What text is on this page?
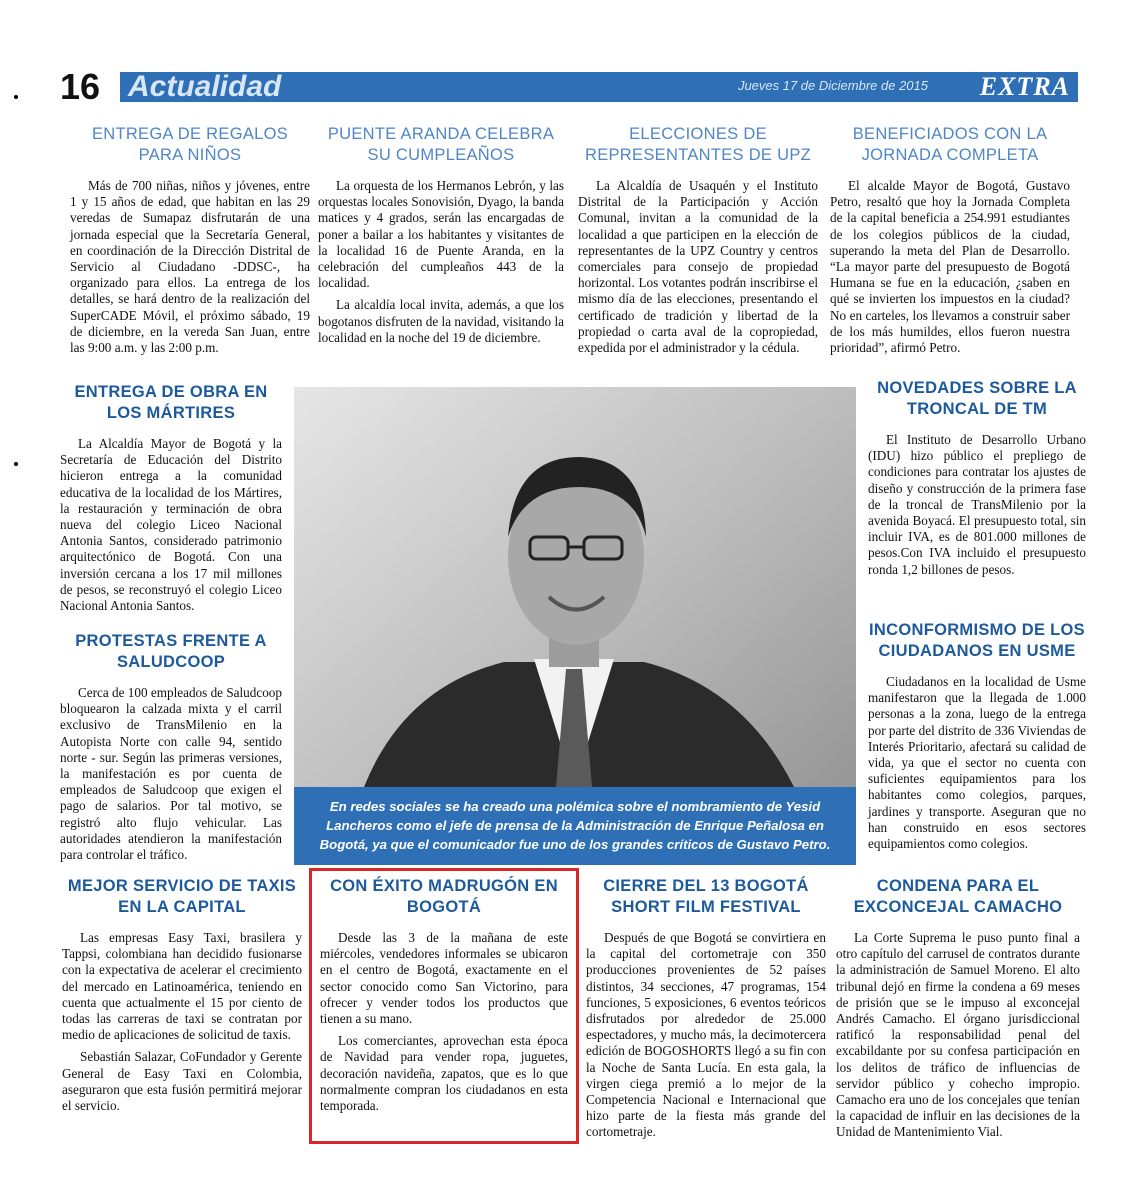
16 Actualidad	Jueves 17 de Diciembre de 2015 EXTRA
ENTREGA DE REGALOS PARA NIÑOS

Más de 700 niñas, niños y jóvenes, entre 1 y 15 años de edad, que habitan en las 29 veredas de Sumapaz disfrutarán de una jornada especial que la Secretaría General, en coordinación de la Dirección Distrital de Servicio al Ciudadano -DDSC-, ha organizado para ellos. La entrega de los detalles, se hará dentro de la realización del SuperCADE Móvil, el próximo sábado, 19 de diciembre, en la vereda San Juan, entre las 9:00 a.m. y las 2:00 p.m.

PUENTE ARANDA CELEBRA SU CUMPLEAÑOS

La orquesta de los Hermanos Lebrón, y las orquestas locales Sonovisión, Dyago, la banda matices y 4 grados, serán las encargadas de poner a bailar a los habitantes y visitantes de la localidad 16 de Puente Aranda, en la celebración del cumpleaños 443 de la localidad.

La alcaldía local invita, además, a que los bogotanos disfruten de la navidad, visitando la localidad en la noche del 19 de diciembre.

ELECCIONES DE REPRESENTANTES DE UPZ

La Alcaldía de Usaquén y el Instituto Distrital de la Participación y Acción Comunal, invitan a la comunidad de la localidad a que participen en la elección de representantes de la UPZ Country y centros comerciales para consejo de propiedad horizontal. Los votantes podrán inscribirse el mismo día de las elecciones, presentando el certificado de tradición y libertad de la propiedad o carta aval de la copropiedad, expedida por el administrador y la cédula.

BENEFICIADOS CON LA JORNADA COMPLETA

El alcalde Mayor de Bogotá, Gustavo Petro, resaltó que hoy la Jornada Completa de la capital beneficia a 254.991 estudiantes de los colegios públicos de la ciudad, superando la meta del Plan de Desarrollo. “La mayor parte del presupuesto de Bogotá Humana se fue en la educación, ¿saben en qué se invierten los impuestos en la ciudad? No en carteles, los llevamos a construir saber de los más humildes, ellos fueron nuestra prioridad”, afirmó Petro.

ENTREGA DE OBRA EN LOS MÁRTIRES

La Alcaldía Mayor de Bogotá y la Secretaría de Educación del Distrito hicieron entrega a la comunidad educativa de la localidad de los Mártires, la restauración y terminación de obra nueva del colegio Liceo Nacional Antonia Santos, considerado patrimonio arquitectónico de Bogotá. Con una inversión cercana a los 17 mil millones de pesos, se reconstruyó el colegio Liceo Nacional Antonia Santos.

PROTESTAS FRENTE A SALUDCOOP

Cerca de 100 empleados de Saludcoop bloquearon la calzada mixta y el carril exclusivo de TransMilenio en la Autopista Norte con calle 94, sentido norte - sur. Según las primeras versiones, la manifestación es por cuenta de empleados de Saludcoop que exigen el pago de salarios. Por tal motivo, se registró alto flujo vehicular. Las autoridades atendieron la manifestación para controlar el tráfico.

En redes sociales se ha creado una polémica sobre el nombramiento de Yesid Lancheros como el jefe de prensa de la Administración de Enrique Peñalosa en Bogotá, ya que el comunicador fue uno de los grandes críticos de Gustavo Petro.
NOVEDADES SOBRE LA TRONCAL DE TM

El Instituto de Desarrollo Urbano (IDU) hizo público el prepliego de condiciones para contratar los ajustes de diseño y construcción de la primera fase de la troncal de TransMilenio por la avenida Boyacá. El presupuesto total, sin incluir IVA, es de 801.000 millones de pesos.Con IVA incluido el presupuesto ronda 1,2 billones de pesos.

INCONFORMISMO DE LOS CIUDADANOS EN USME

Ciudadanos en la localidad de Usme manifestaron que la llegada de 1.000 personas a la zona, luego de la entrega por parte del distrito de 336 Viviendas de Interés Prioritario, afectará su calidad de vida, ya que el sector no cuenta con suficientes equipamientos para los habitantes como colegios, parques, jardines y transporte. Aseguran que no han construido en esos sectores equipamientos como colegios.

MEJOR SERVICIO DE TAXIS EN LA CAPITAL

Las empresas Easy Taxi, brasilera y Tappsi, colombiana han decidido fusionarse con la expectativa de acelerar el crecimiento del mercado en Latinoamérica, teniendo en cuenta que actualmente el 15 por ciento de todas las carreras de taxi se contratan por medio de aplicaciones de solicitud de taxis.

Sebastián Salazar, CoFundador y Gerente General de Easy Taxi en Colombia, aseguraron que esta fusión permitirá mejorar el servicio.

CON ÉXITO MADRUGÓN EN BOGOTÁ

Desde las 3 de la mañana de este miércoles, vendedores informales se ubicaron en el centro de Bogotá, exactamente en el sector conocido como San Victorino, para ofrecer y vender todos los productos que tienen a su mano.

Los comerciantes, aprovechan esta época de Navidad para vender ropa, juguetes, decoración navideña, zapatos, que es lo que normalmente compran los ciudadanos en esta temporada.

CIERRE DEL 13 BOGOTÁ SHORT FILM FESTIVAL

Después de que Bogotá se convirtiera en la capital del cortometraje con 350 producciones provenientes de 52 países distintos, 34 secciones, 47 programas, 154 funciones, 5 exposiciones, 6 eventos teóricos disfrutados por alrededor de 25.000 espectadores, y mucho más, la decimotercera edición de BOGOSHORTS llegó a su fin con la Noche de Santa Lucía. En esta gala, la virgen ciega premió a lo mejor de la Competencia Nacional e Internacional que hizo parte de la fiesta más grande del cortometraje.

CONDENA PARA EL EXCONCEJAL CAMACHO

La Corte Suprema le puso punto final a otro capítulo del carrusel de contratos durante la administración de Samuel Moreno. El alto tribunal dejó en firme la condena a 69 meses de prisión que se le impuso al exconcejal Andrés Camacho. El órgano jurisdiccional ratificó la responsabilidad penal del excabildante por su confesa participación en los delitos de tráfico de influencias de servidor público y cohecho impropio. Camacho era uno de los concejales que tenían la capacidad de influir en las decisiones de la Unidad de Mantenimiento Vial.
